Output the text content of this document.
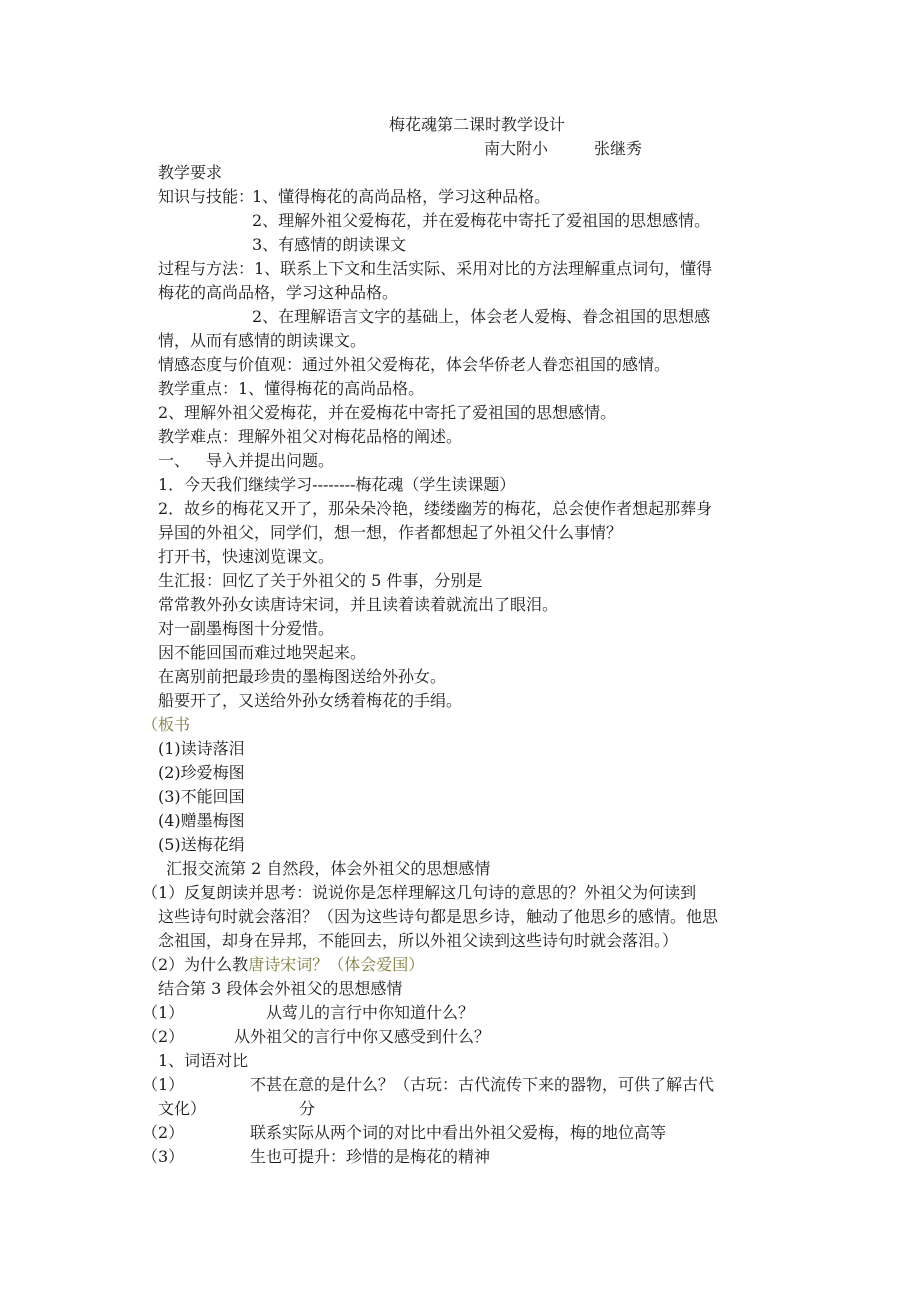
梅花魂第二课时教学设计
南大附小	张继秀
教学要求
知识与技能：
1、懂得梅花的高尚品格，学习这种品格。
2、理解外祖父爱梅花，并在爱梅花中寄托了爱祖国的思想感情。
3、有感情的朗读课文
过程与方法：1、联系上下文和生活实际、采用对比的方法理解重点词句，懂得
梅花的高尚品格，学习这种品格。
2、在理解语言文字的基础上，体会老人爱梅、眷念祖国的思想感
情，从而有感情的朗读课文。
情感态度与价值观：通过外祖父爱梅花，体会华侨老人眷恋祖国的感情。
教学重点：1、懂得梅花的高尚品格。
2、理解外祖父爱梅花，并在爱梅花中寄托了爱祖国的思想感情。
教学难点：理解外祖父对梅花品格的阐述。
一、 导入并提出问题。
1．今天我们继续学习--------梅花魂（学生读课题）
2．故乡的梅花又开了，那朵朵冷艳，缕缕幽芳的梅花，总会使作者想起那葬身
异国的外祖父，同学们，想一想，作者都想起了外祖父什么事情？
打开书，快速浏览课文。
生汇报：回忆了关于外祖父的 5 件事，分别是
常常教外孙女读唐诗宋词，并且读着读着就流出了眼泪。
对一副墨梅图十分爱惜。
因不能回国而难过地哭起来。
在离别前把最珍贵的墨梅图送给外孙女。
船要开了，又送给外孙女绣着梅花的手绢。
（板书
(1)读诗落泪
(2)珍爱梅图
(3)不能回国
(4)赠墨梅图
(5)送梅花绢
汇报交流第 2 自然段，体会外祖父的思想感情
（1）反复朗读并思考：说说你是怎样理解这几句诗的意思的？外祖父为何读到
这些诗句时就会落泪？（因为这些诗句都是思乡诗，触动了他思乡的感情。他思
念祖国，却身在异邦，不能回去，所以外祖父读到这些诗句时就会落泪。）
（2）为什么教唐诗宋词？（体会爱国）
结合第 3 段体会外祖父的思想感情
（1）	从莺儿的言行中你知道什么？
（2）	从外祖父的言行中你又感受到什么？
1、词语对比
（1）	不甚在意的是什么？（古玩：古代流传下来的器物，可供了解古代
文化）	分
（2）	联系实际从两个词的对比中看出外祖父爱梅，梅的地位高等
（3）	生也可提升：珍惜的是梅花的精神
